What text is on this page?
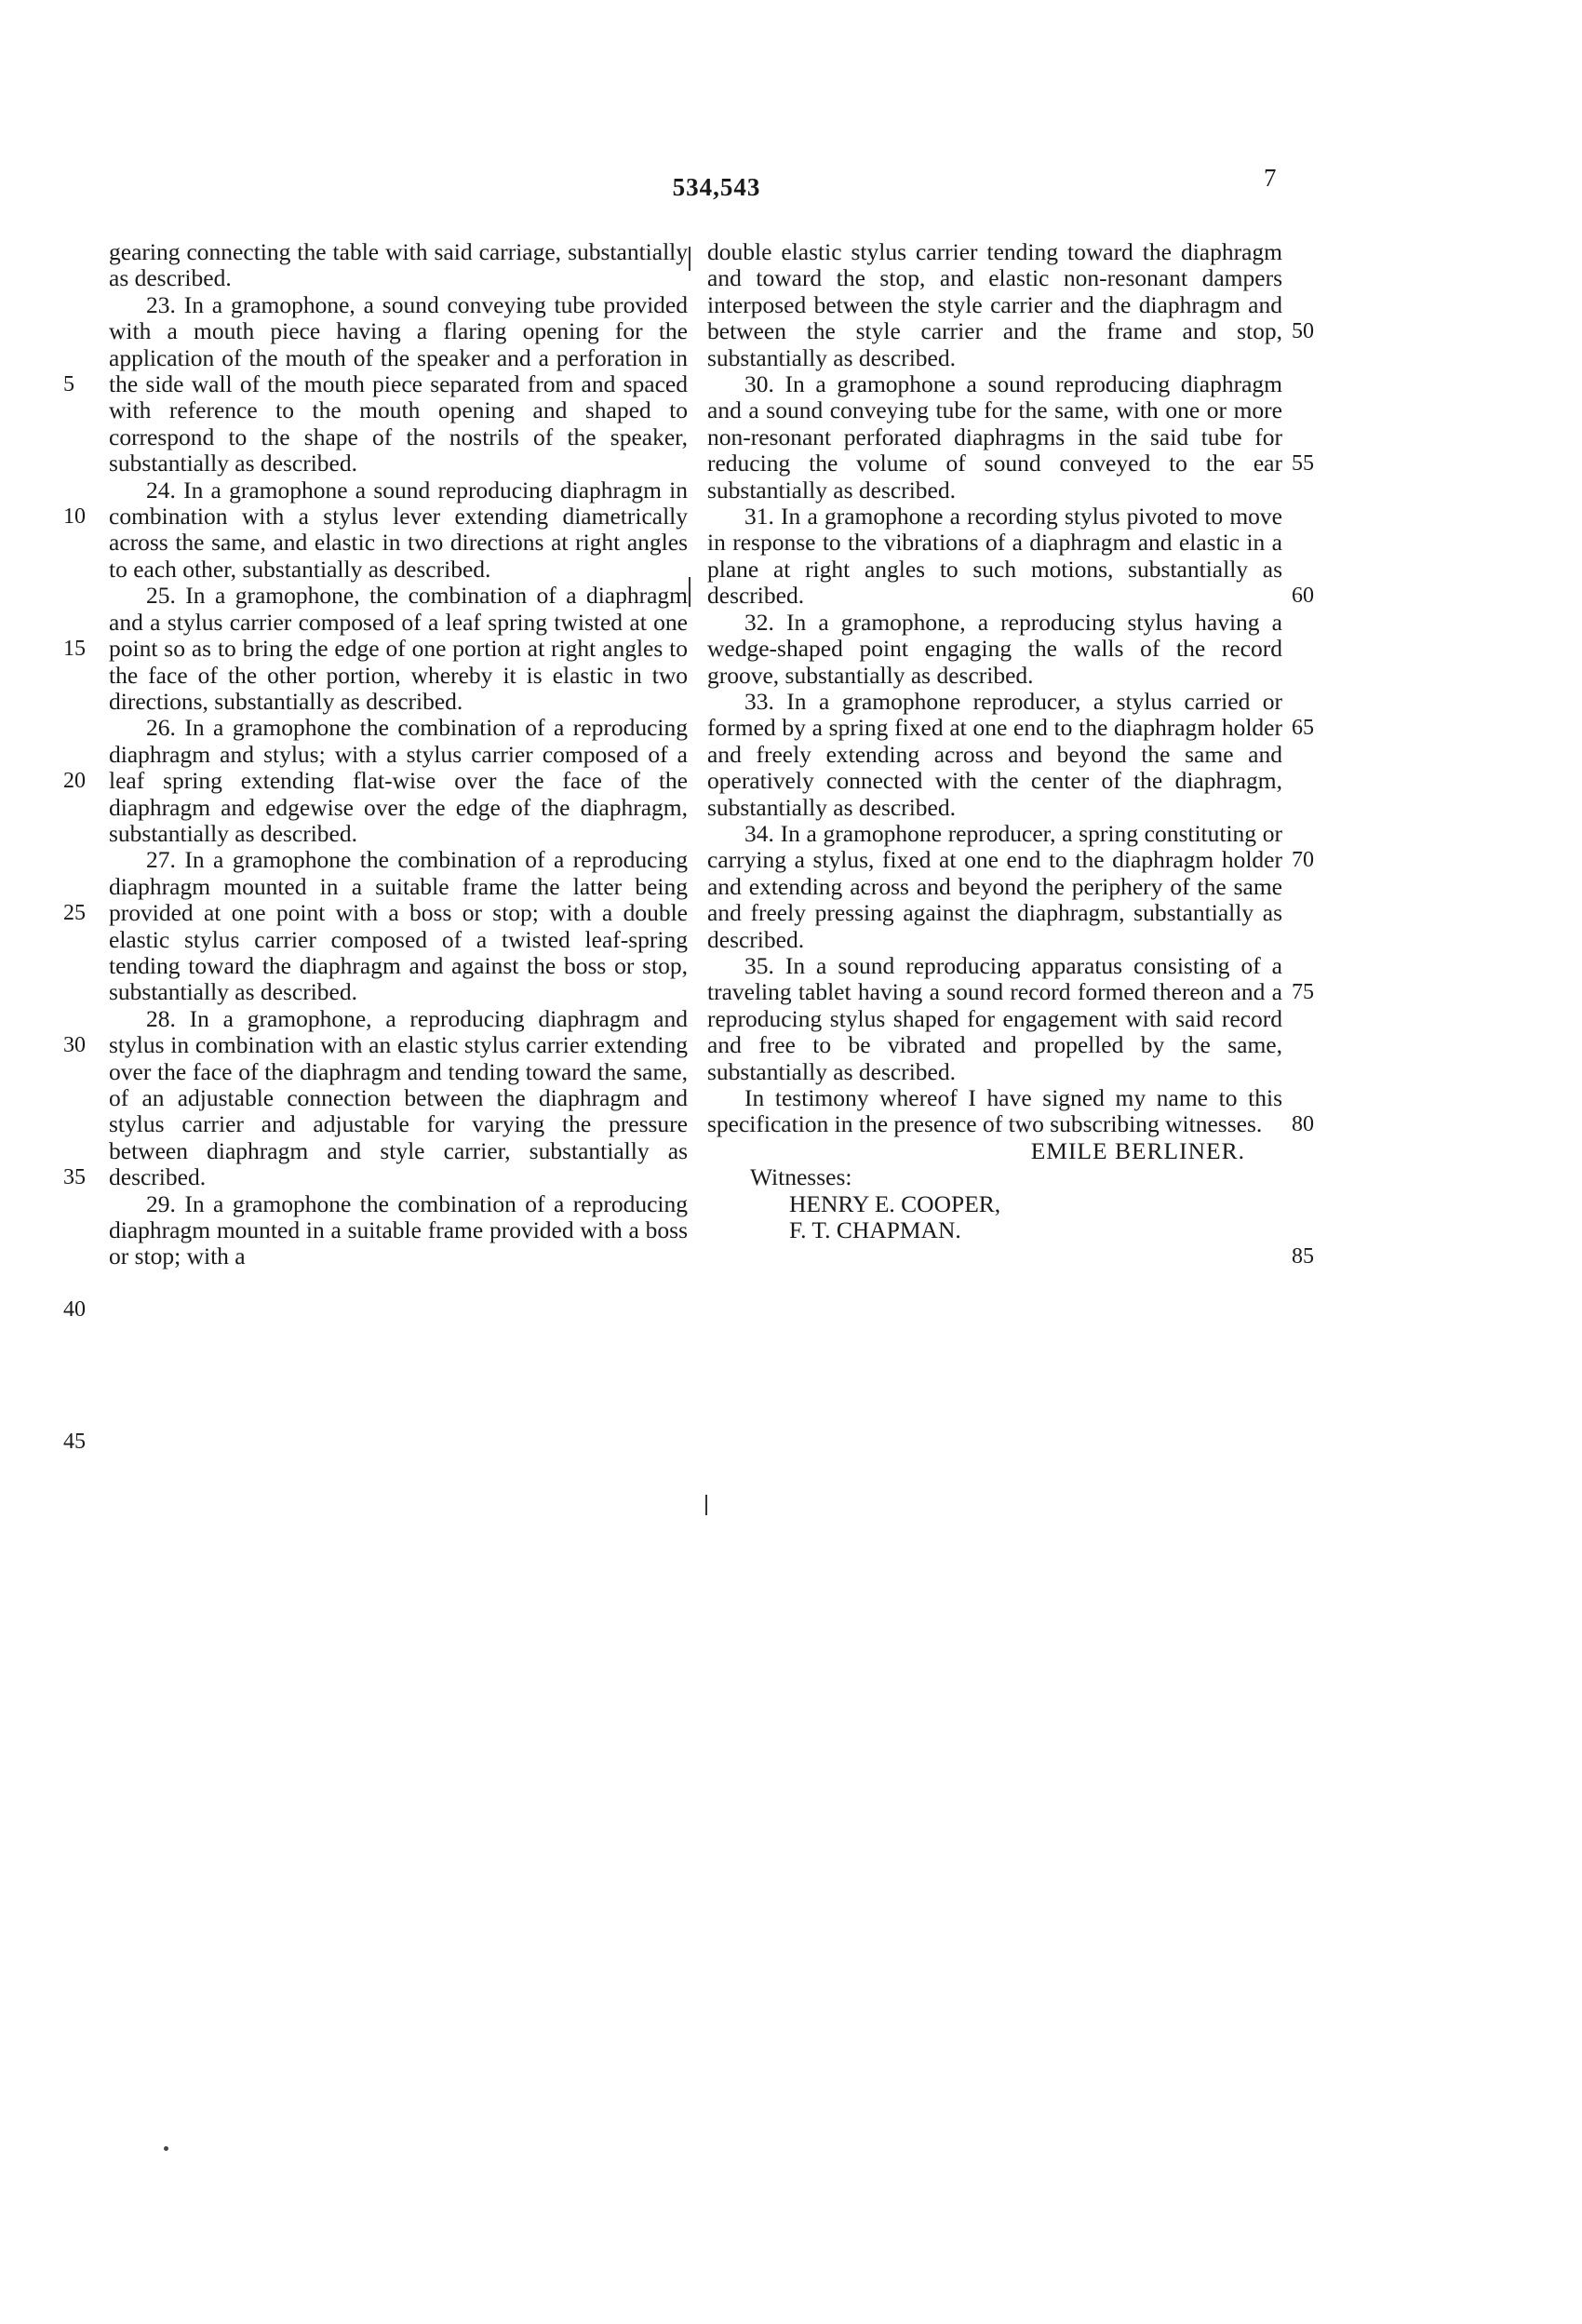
534,543	7

gearing connecting the table with said carriage, substantially as described.

23. In a gramophone, a sound conveying tube provided with a mouth piece having a flaring opening for the application of the mouth of the speaker and a perforation in the side wall of the mouth piece separated from and spaced with reference to the mouth opening and shaped to correspond to the shape of the nostrils of the speaker, substantially as described.

24. In a gramophone a sound reproducing diaphragm in combination with a stylus lever extending diametrically across the same, and elastic in two directions at right angles to each other, substantially as described.

25. In a gramophone, the combination of a diaphragm and a stylus carrier composed of a leaf spring twisted at one point so as to bring the edge of one portion at right angles to the face of the other portion, whereby it is elastic in two directions, substantially as described.

26. In a gramophone the combination of a reproducing diaphragm and stylus; with a stylus carrier composed of a leaf spring extending flat-wise over the face of the diaphragm and edgewise over the edge of the diaphragm, substantially as described.

27. In a gramophone the combination of a reproducing diaphragm mounted in a suitable frame the latter being provided at one point with a boss or stop; with a double elastic stylus carrier composed of a twisted leaf-spring tending toward the diaphragm and against the boss or stop, substantially as described.

28. In a gramophone, a reproducing diaphragm and stylus in combination with an elastic stylus carrier extending over the face of the diaphragm and tending toward the same, of an adjustable connection between the diaphragm and stylus carrier and adjustable for varying the pressure between diaphragm and style carrier, substantially as described.

29. In a gramophone the combination of a reproducing diaphragm mounted in a suitable frame provided with a boss or stop; with a

double elastic stylus carrier tending toward the diaphragm and toward the stop, and elastic non-resonant dampers interposed between the style carrier and the diaphragm and between the style carrier and the frame and stop, substantially as described.

30. In a gramophone a sound reproducing diaphragm and a sound conveying tube for the same, with one or more non-resonant perforated diaphragms in the said tube for reducing the volume of sound conveyed to the ear substantially as described.

31. In a gramophone a recording stylus pivoted to move in response to the vibrations of a diaphragm and elastic in a plane at right angles to such motions, substantially as described.

32. In a gramophone, a reproducing stylus having a wedge-shaped point engaging the walls of the record groove, substantially as described.

33. In a gramophone reproducer, a stylus carried or formed by a spring fixed at one end to the diaphragm holder and freely extending across and beyond the same and operatively connected with the center of the diaphragm, substantially as described.

34. In a gramophone reproducer, a spring constituting or carrying a stylus, fixed at one end to the diaphragm holder and extending across and beyond the periphery of the same and freely pressing against the diaphragm, substantially as described.

35. In a sound reproducing apparatus consisting of a traveling tablet having a sound record formed thereon and a reproducing stylus shaped for engagement with said record and free to be vibrated and propelled by the same, substantially as described.

In testimony whereof I have signed my name to this specification in the presence of two subscribing witnesses.

EMILE BERLINER.

Witnesses:

HENRY E. COOPER,

F. T. CHAPMAN.

5
10
15
20
25
30
35
40
45
50
55
60
65
70
75
80
85
